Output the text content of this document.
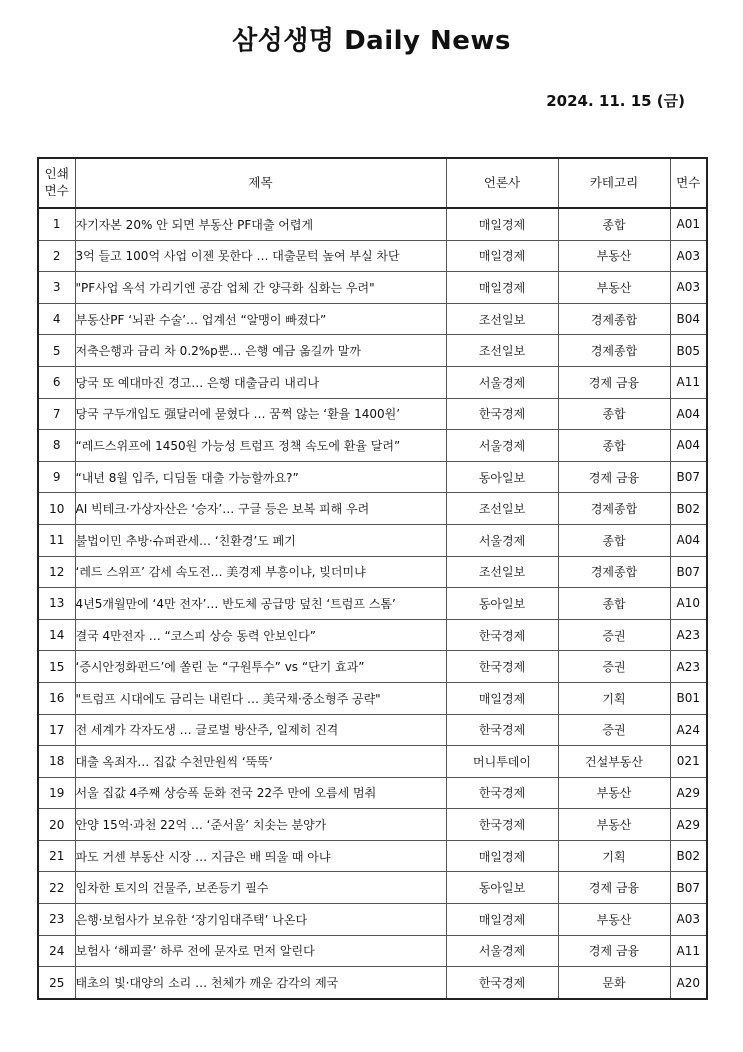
삼성생명 Daily News
2024. 11. 15 (금)
인쇄
면수	제목	언론사	카테고리	면수
1	자기자본 20% 안 되면 부동산 PF대출 어렵게	매일경제	종합	A01
2	3억 들고 100억 사업 이젠 못한다 … 대출문턱 높여 부실 차단	매일경제	부동산	A03
3	"PF사업 옥석 가리기엔 공감 업체 간 양극화 심화는 우려"	매일경제	부동산	A03
4	부동산PF ‘뇌관 수술’… 업계선 “알맹이 빠졌다”	조선일보	경제종합	B04
5	저축은행과 금리 차 0.2%p뿐… 은행 예금 옮길까 말까	조선일보	경제종합	B05
6	당국 또 예대마진 경고… 은행 대출금리 내리나	서울경제	경제 금융	A11
7	당국 구두개입도 强달러에 묻혔다 … 꿈쩍 않는 ‘환율 1400원’	한국경제	종합	A04
8	“레드스위프에 1450원 가능성 트럼프 정책 속도에 환율 달려”	서울경제	종합	A04
9	“내년 8월 입주, 디딤돌 대출 가능할까요?”	동아일보	경제 금융	B07
10	AI 빅테크·가상자산은 ‘승자’… 구글 등은 보복 피해 우려	조선일보	경제종합	B02
11	불법이민 추방·슈퍼관세… ‘친환경’도 폐기	서울경제	종합	A04
12	‘레드 스위프’ 감세 속도전… 美경제 부흥이냐, 빚더미냐	조선일보	경제종합	B07
13	4년5개월만에 ‘4만 전자’… 반도체 공급망 덮친 ‘트럼프 스톰’	동아일보	종합	A10
14	결국 4만전자 … “코스피 상승 동력 안보인다”	한국경제	증권	A23
15	‘증시안정화펀드’에 쏠린 눈 “구원투수” vs “단기 효과”	한국경제	증권	A23
16	"트럼프 시대에도 금리는 내린다 … 美국채·중소형주 공략"	매일경제	기획	B01
17	전 세계가 각자도생 … 글로벌 방산주, 일제히 진격	한국경제	증권	A24
18	대출 옥죄자… 집값 수천만원씩 ‘뚝뚝’	머니투데이	건설부동산	021
19	서울 집값 4주째 상승폭 둔화 전국 22주 만에 오름세 멈춰	한국경제	부동산	A29
20	안양 15억·과천 22억 … ‘준서울’ 치솟는 분양가	한국경제	부동산	A29
21	파도 거센 부동산 시장 … 지금은 배 띄울 때 아냐	매일경제	기획	B02
22	임차한 토지의 건물주, 보존등기 필수	동아일보	경제 금융	B07
23	은행·보험사가 보유한 ‘장기임대주택’ 나온다	매일경제	부동산	A03
24	보험사 ‘해피콜’ 하루 전에 문자로 먼저 알린다	서울경제	경제 금융	A11
25	태초의 빛·대양의 소리 … 천체가 깨운 감각의 제국	한국경제	문화	A20
